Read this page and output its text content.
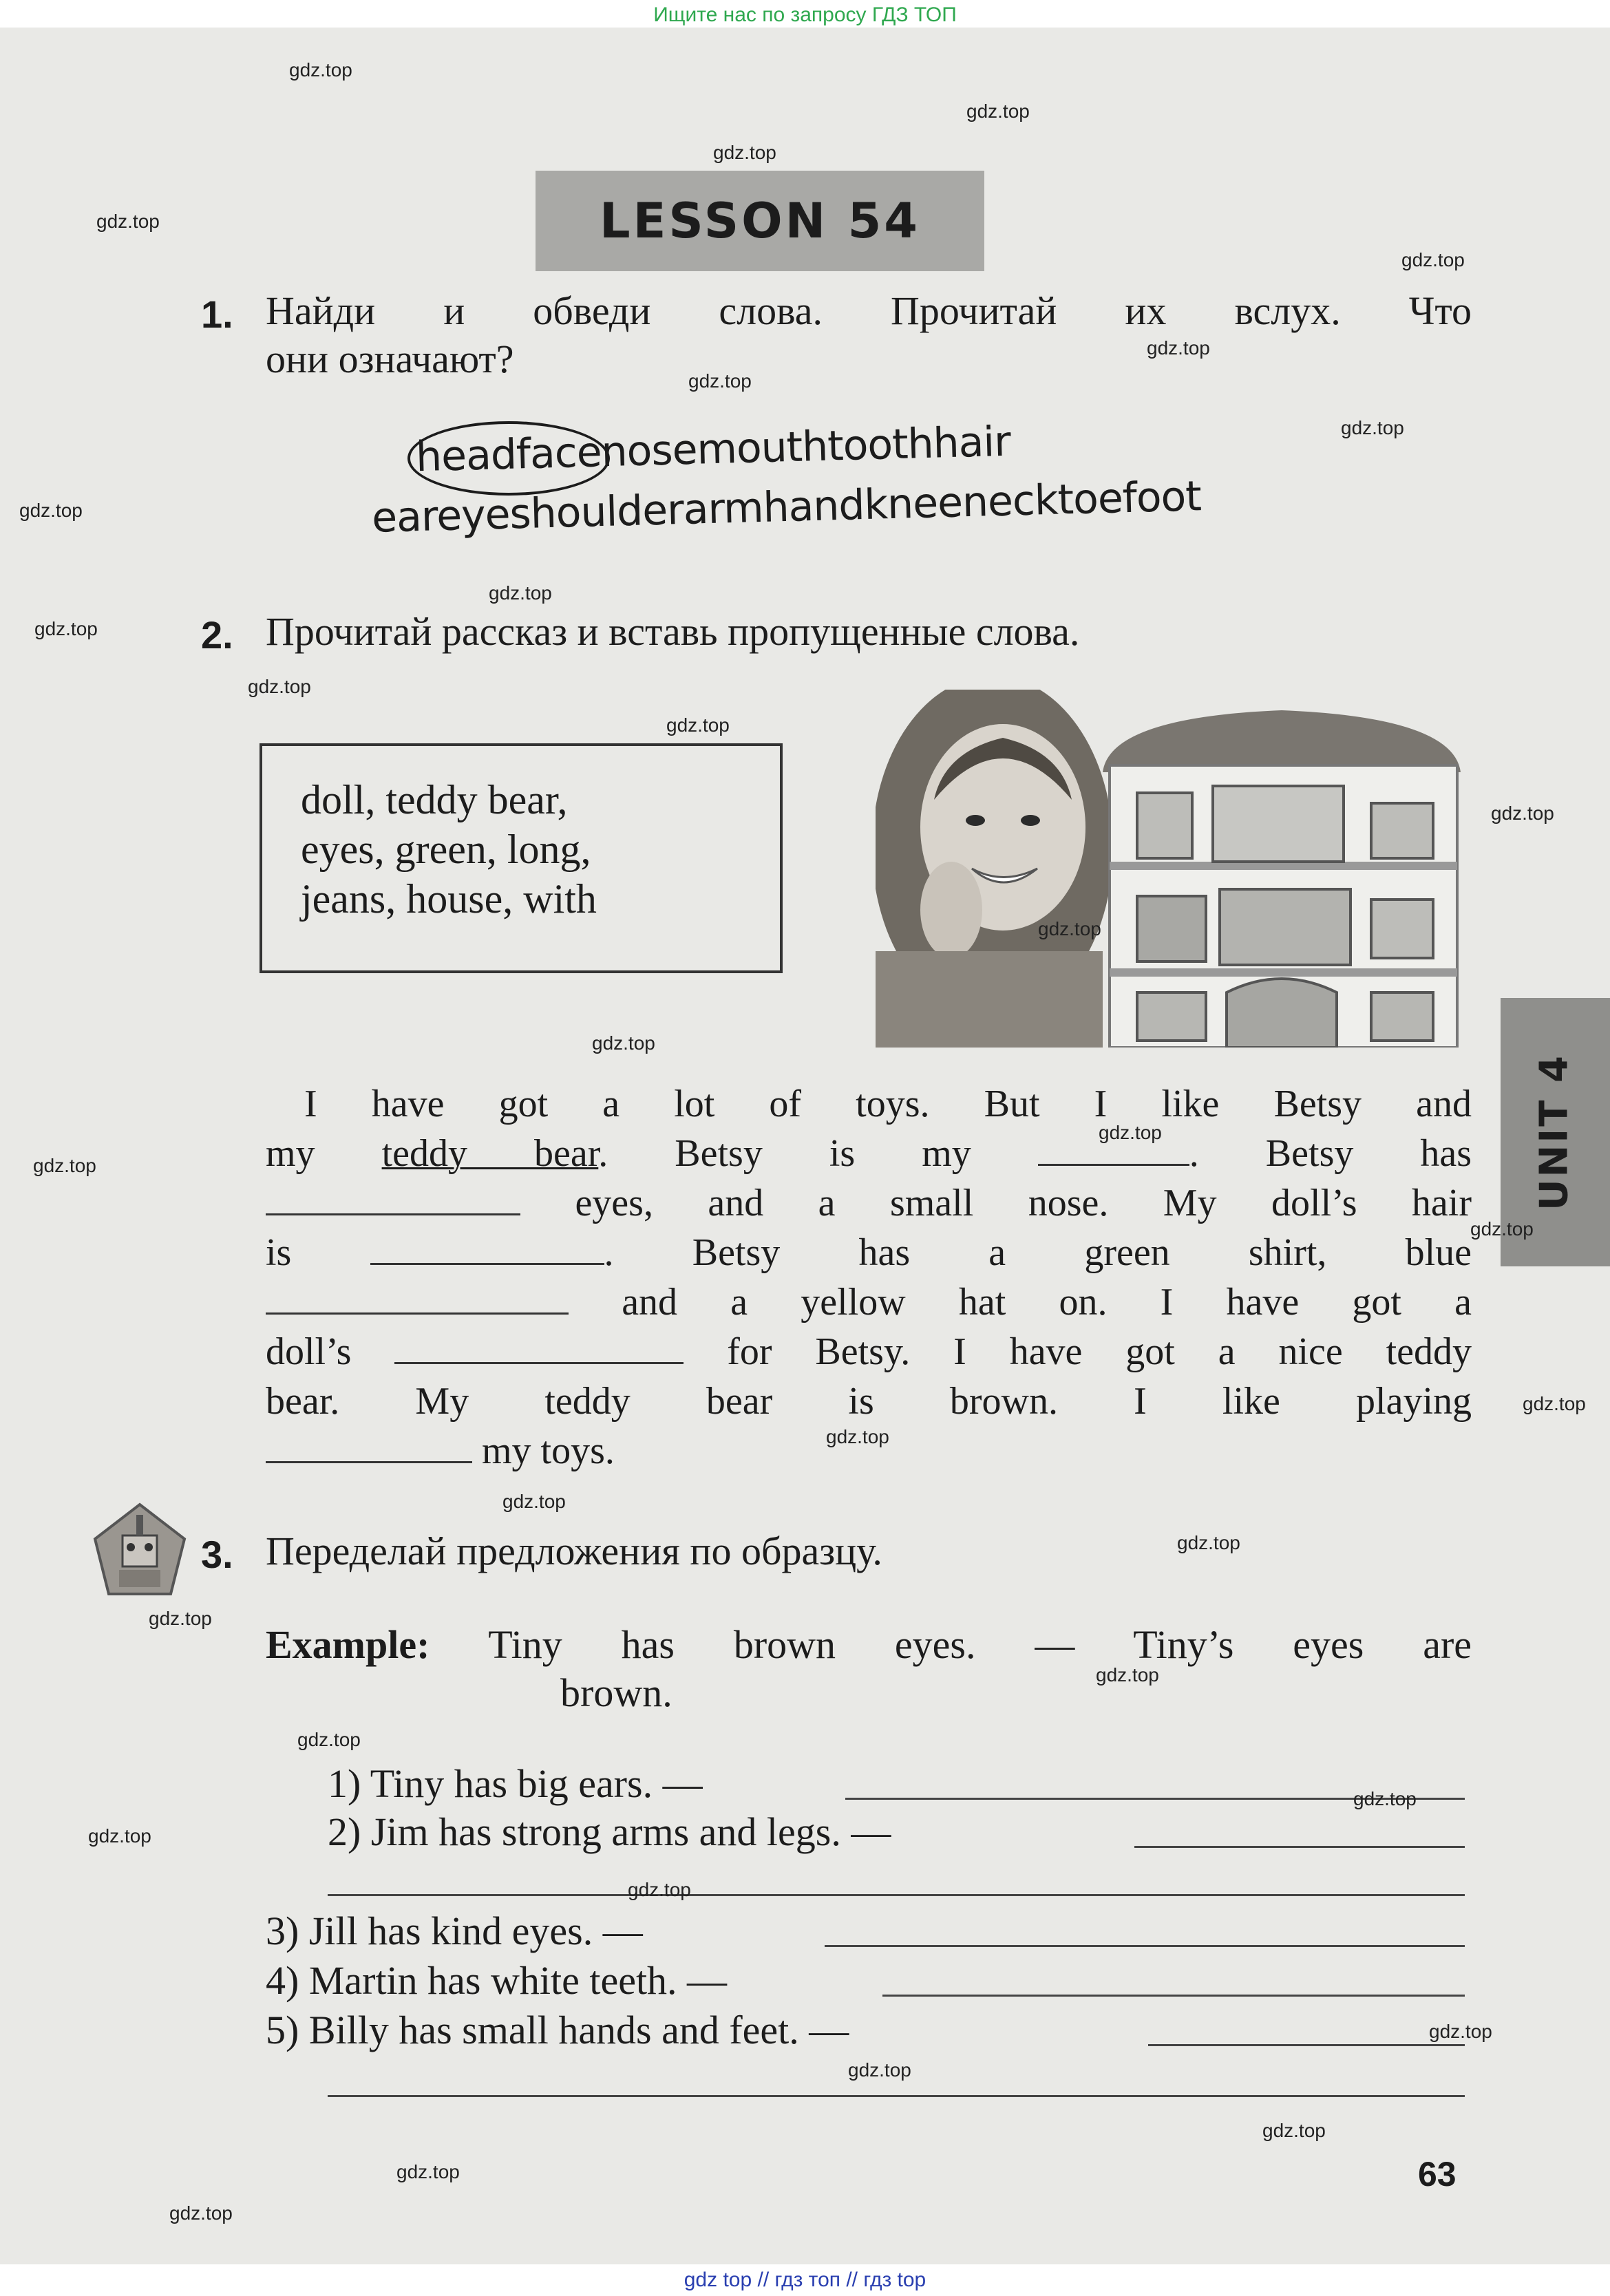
Ищите нас по запросу ГДЗ ТОП
LESSON 54
1. Найди и обведи слова. Прочитай их вслух. Что
они означают?
headfacenosemouthtoothhair
eareyeshoulderarmhandkneenecktoefoot
2. Прочитай рассказ и вставь пропущенные слова.
doll, teddy bear,
eyes, green, long,
jeans, house, with
I have got a lot of toys. But I like Betsy and
my teddy bear. Betsy is my	. Betsy has
eyes, and a small nose. My doll’s hair
is	. Betsy has a green shirt, blue
and a yellow hat on. I have got a
doll’s	for Betsy. I have got a nice teddy
bear. My teddy bear is brown. I like playing
my toys.
3. Переделай предложения по образцу.
Example: Tiny has brown eyes. — Tiny’s eyes are
brown.
1) Tiny has big ears. —
2) Jim has strong arms and legs. —
3) Jill has kind eyes. —
4) Martin has white teeth. —
5) Billy has small hands and feet. —
UNIT 4
63
gdz.top
gdz.top
gdz.top
gdz.top
gdz.top
gdz.top
gdz.top
gdz.top
gdz.top
gdz.top
gdz.top
gdz.top
gdz.top
gdz.top
gdz.top
gdz.top
gdz.top
gdz.top
gdz.top
gdz.top
gdz.top
gdz.top
gdz.top
gdz.top
gdz.top
gdz.top
gdz.top
gdz.top
gdz.top
gdz.top
gdz.top
gdz.top
gdz.top
gdz.top
gdz top // гдз топ // гдз top
